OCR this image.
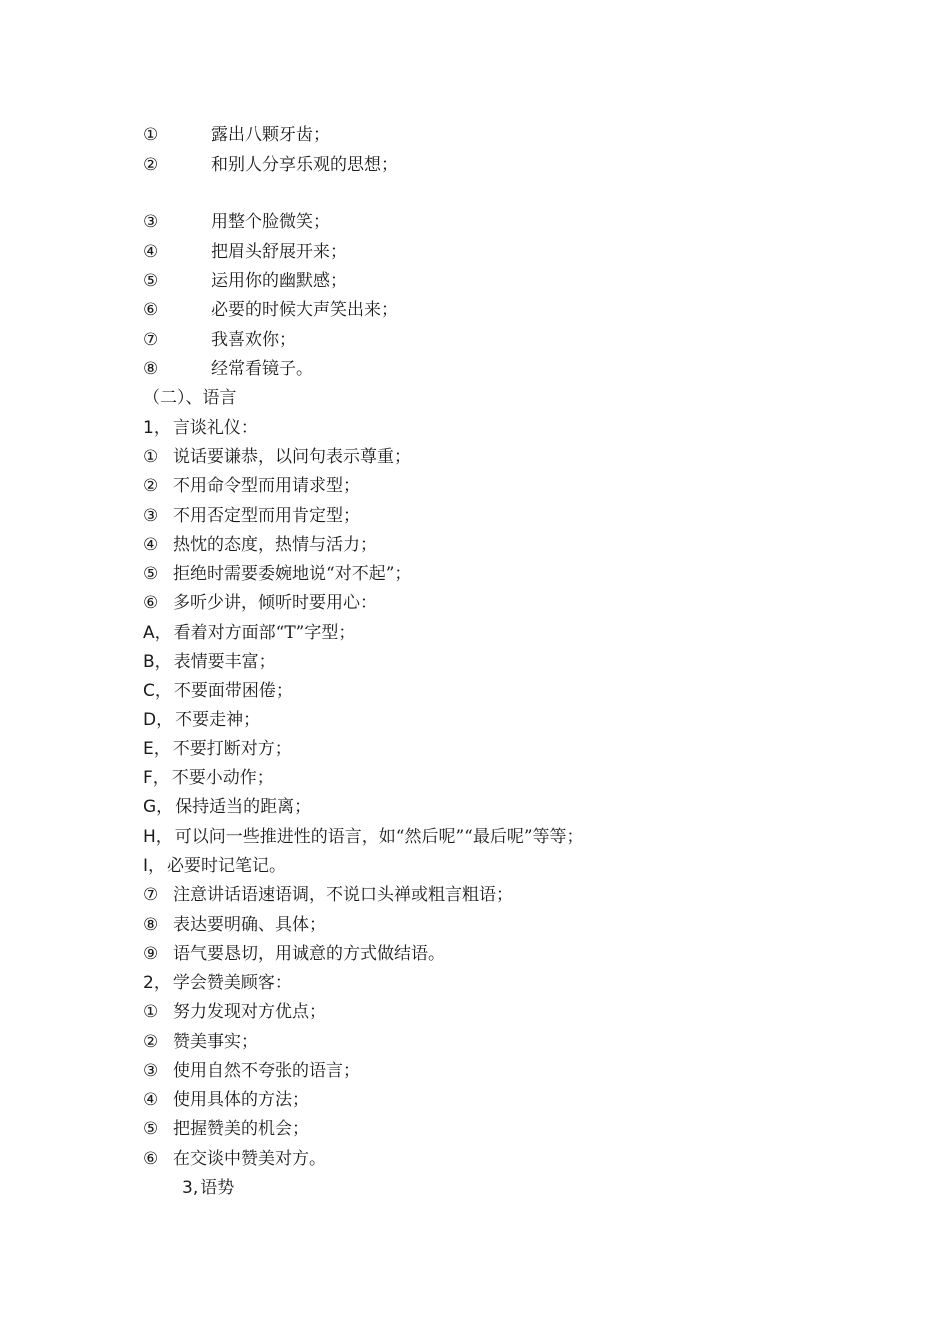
①	露出八颗牙齿；
②	和别人分享乐观的思想；
③	用整个脸微笑；
④	把眉头舒展开来；
⑤	运用你的幽默感；
⑥	必要的时候大声笑出来；
⑦	我喜欢你；
⑧	经常看镜子。
（二）、语言
1， 言谈礼仪：
① 说话要谦恭，以问句表示尊重；
② 不用命令型而用请求型；
③ 不用否定型而用肯定型；
④ 热忱的态度，热情与活力；
⑤ 拒绝时需要委婉地说“对不起”；
⑥ 多听少讲，倾听时要用心：
A， 看着对方面部“T”字型；
B， 表情要丰富；
C， 不要面带困倦；
D， 不要走神；
E， 不要打断对方；
F， 不要小动作；
G， 保持适当的距离；
H， 可以问一些推进性的语言，如“然后呢”“最后呢”等等；
I， 必要时记笔记。
⑦ 注意讲话语速语调，不说口头禅或粗言粗语；
⑧ 表达要明确、具体；
⑨ 语气要恳切，用诚意的方式做结语。
2， 学会赞美顾客：
① 努力发现对方优点；
② 赞美事实；
③ 使用自然不夸张的语言；
④ 使用具体的方法；
⑤ 把握赞美的机会；
⑥ 在交谈中赞美对方。
3, 语势
